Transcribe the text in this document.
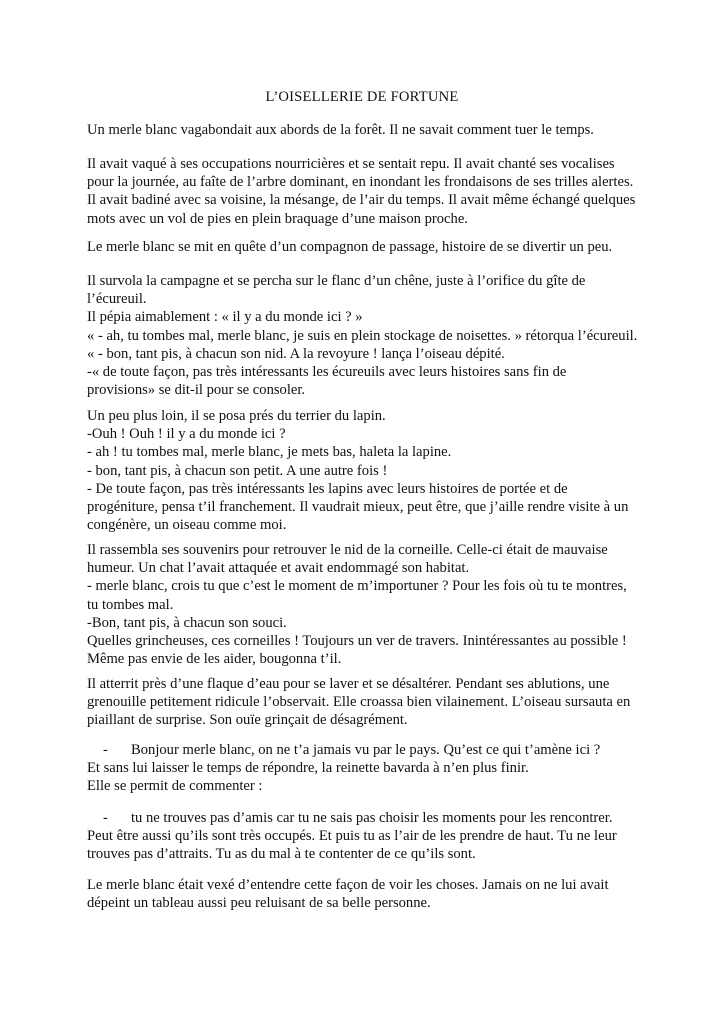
L’OISELLERIE DE FORTUNE

Un merle blanc vagabondait aux abords de la forêt. Il ne savait comment tuer le temps.

Il avait vaqué à ses occupations nourricières et se sentait repu. Il avait chanté ses vocalises
pour la journée, au faîte de l’arbre dominant, en inondant les frondaisons de ses trilles alertes.
Il avait badiné avec sa voisine, la mésange, de l’air du temps. Il avait même échangé quelques
mots avec un vol de pies en plein braquage d’une maison proche.

Le merle blanc se mit en quête d’un compagnon de passage, histoire de se divertir un peu.

Il survola la campagne et se percha sur le flanc d’un chêne, juste à l’orifice du gîte de
l’écureuil.
Il pépia aimablement : « il y a du monde ici ? »
« - ah, tu tombes mal, merle blanc, je suis en plein stockage de noisettes. » rétorqua l’écureuil.
« - bon, tant pis, à chacun son nid. A la revoyure ! lança l’oiseau dépité.
-« de toute façon, pas très intéressants les écureuils avec leurs histoires sans fin de
provisions» se dit-il pour se consoler.

Un peu plus loin, il se posa prés du terrier du lapin.
-Ouh ! Ouh ! il y a du monde ici ?
- ah ! tu tombes mal, merle blanc, je mets bas, haleta la lapine.
- bon, tant pis, à chacun son petit. A une autre fois !
- De toute façon, pas très intéressants les lapins avec leurs histoires de portée et de
progéniture, pensa t’il franchement. Il vaudrait mieux, peut être, que j’aille rendre visite à un
congénère, un oiseau comme moi.

Il rassembla ses souvenirs pour retrouver le nid de la corneille. Celle-ci était de mauvaise
humeur. Un chat l’avait attaquée et avait endommagé son habitat.
- merle blanc, crois tu que c’est le moment de m’importuner ? Pour les fois où tu te montres,
tu tombes mal.
-Bon, tant pis, à chacun son souci.
Quelles grincheuses, ces corneilles ! Toujours un ver de travers. Inintéressantes au possible !
Même pas envie de les aider, bougonna t’il.

Il atterrit près d’une flaque d’eau pour se laver et se désaltérer. Pendant ses ablutions, une
grenouille petitement ridicule l’observait. Elle croassa bien vilainement. L’oiseau sursauta en
piaillant de surprise. Son ouïe grinçait de désagrément.

- Bonjour merle blanc, on ne t’a jamais vu par le pays. Qu’est ce qui t’amène ici ?
Et sans lui laisser le temps de répondre, la reinette bavarda à n’en plus finir.
Elle se permit de commenter :

- tu ne trouves pas d’amis car tu ne sais pas choisir les moments pour les rencontrer.
Peut être aussi qu’ils sont très occupés. Et puis tu as l’air de les prendre de haut. Tu ne leur
trouves pas d’attraits. Tu as du mal à te contenter de ce qu’ils sont.

Le merle blanc était vexé d’entendre cette façon de voir les choses. Jamais on ne lui avait
dépeint un tableau aussi peu reluisant de sa belle personne.
